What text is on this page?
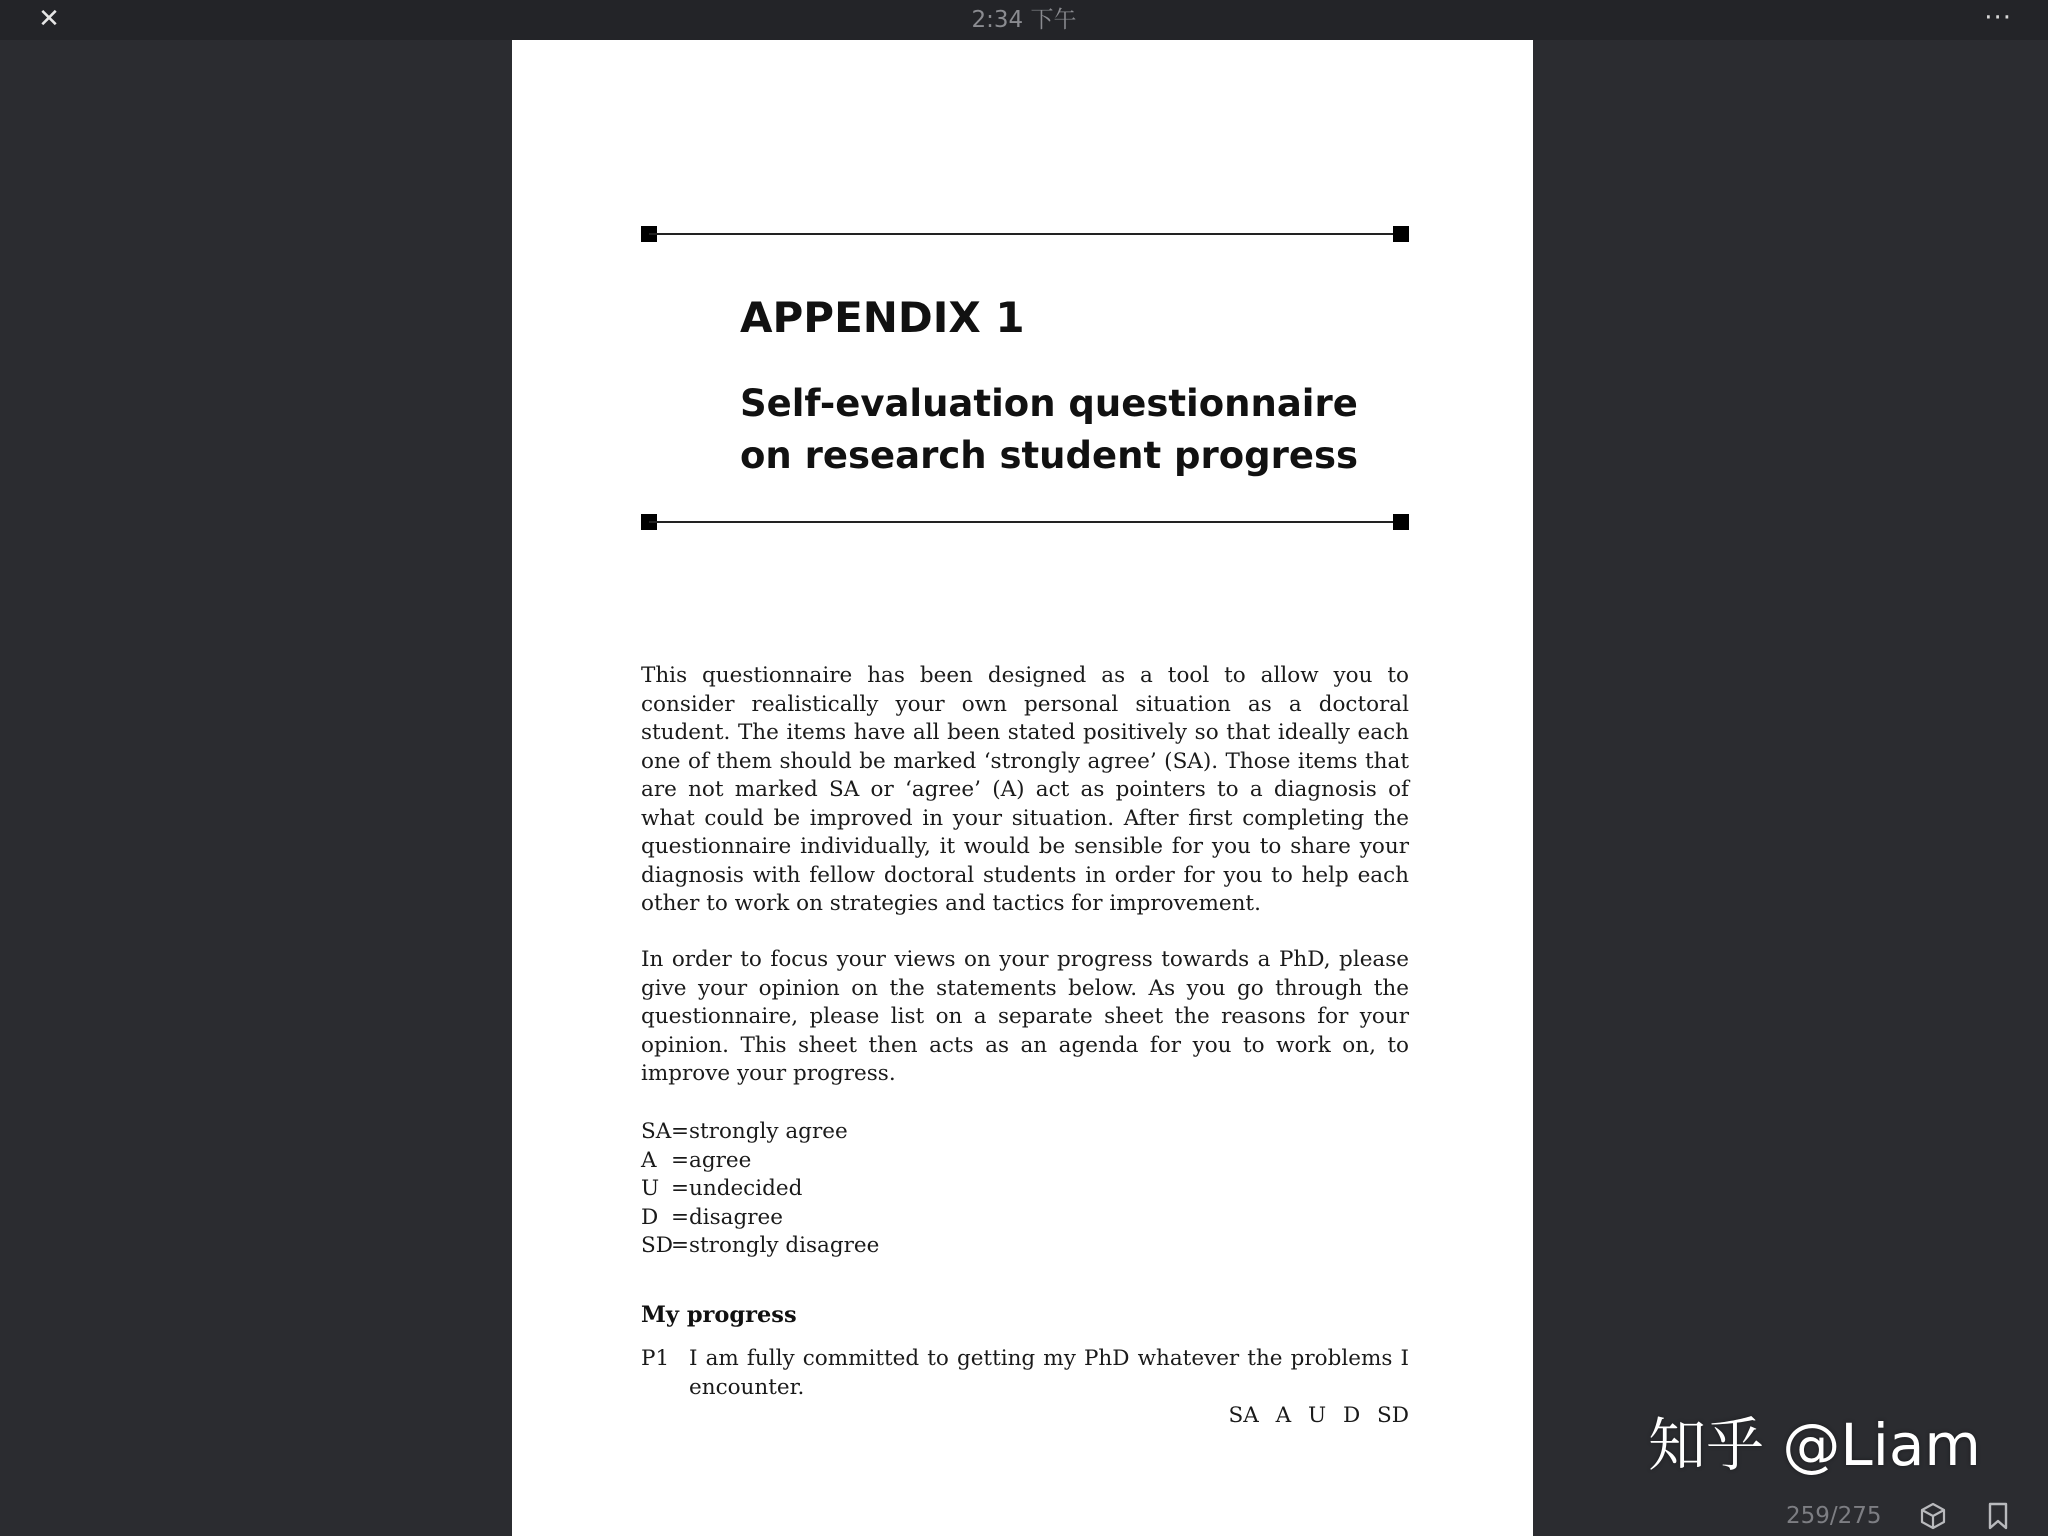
✕	2:34 下午	···
APPENDIX 1
Self-evaluation questionnaire on research student progress

This questionnaire has been designed as a tool to allow you to consider realistically your own personal situation as a doctoral student. The items have all been stated positively so that ideally each one of them should be marked ‘strongly agree’ (SA). Those items that are not marked SA or ‘agree’ (A) act as pointers to a diagnosis of what could be improved in your situation. After first completing the questionnaire individually, it would be sensible for you to share your diagnosis with fellow doctoral students in order for you to help each other to work on strategies and tactics for improvement.

In order to focus your views on your progress towards a PhD, please give your opinion on the statements below. As you go through the questionnaire, please list on a separate sheet the reasons for your opinion. This sheet then acts as an agenda for you to work on, to improve your progress.

SA=strongly agree
A =agree
U =undecided
D =disagree
SD=strongly disagree
My progress
P1 I am fully committed to getting my PhD whatever the problems I encounter.

SA A U D SD	知乎 @Liam
259/275
